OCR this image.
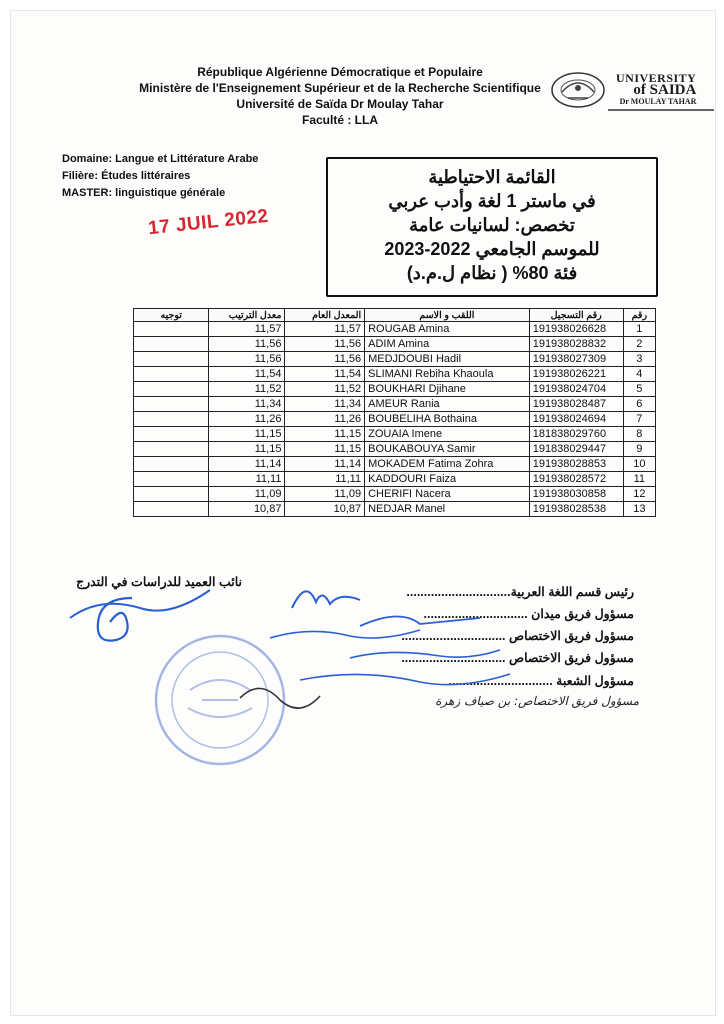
UNIVERSITY
of SAIDA
Dr MOULAY TAHAR
République Algérienne Démocratique et Populaire
Ministère de l'Enseignement Supérieur et de la Recherche Scientifique
Université de Saïda Dr Moulay Tahar
Faculté : LLA
Domaine: Langue et Littérature Arabe
Filière: Études littéraires
MASTER: linguistique générale
17 JUIL 2022
القائمة الاحتياطية
في ماستر 1 لغة وأدب عربي
تخصص: لسانيات عامة
للموسم الجامعي 2022-2023
فئة 80% ( نظام ل.م.د)
توجيه	معدل الترتيب	المعدل العام	اللقب و الاسم	رقم التسجيل	رقم
	11,57	11,57	ROUGAB Amina	191938026628	1
	11,56	11,56	ADIM Amina	191938028832	2
	11,56	11,56	MEDJDOUBI Hadil	191938027309	3
	11,54	11,54	SLIMANI Rebiha Khaoula	191938026221	4
	11,52	11,52	BOUKHARI Djihane	191938024704	5
	11,34	11,34	AMEUR Rania	191938028487	6
	11,26	11,26	BOUBELIHA Bothaina	191938024694	7
	11,15	11,15	ZOUAIA Imene	181838029760	8
	11,15	11,15	BOUKABOUYA Samir	191838029447	9
	11,14	11,14	MOKADEM Fatima Zohra	191938028853	10
	11,11	11,11	KADDOURI Faiza	191938028572	11
	11,09	11,09	CHERIFI Nacera	191938030858	12
	10,87	10,87	NEDJAR Manel	191938028538	13
نائب العميد للدراسات في التدرج
رئيس قسم اللغة العربية..............................
مسؤول فريق ميدان ..............................
مسؤول فريق الاختصاص ..............................
مسؤول فريق الاختصاص ..............................
مسؤول الشعبة ..............................
مسؤول فريق الاختصاص: بن صياف زهرة
